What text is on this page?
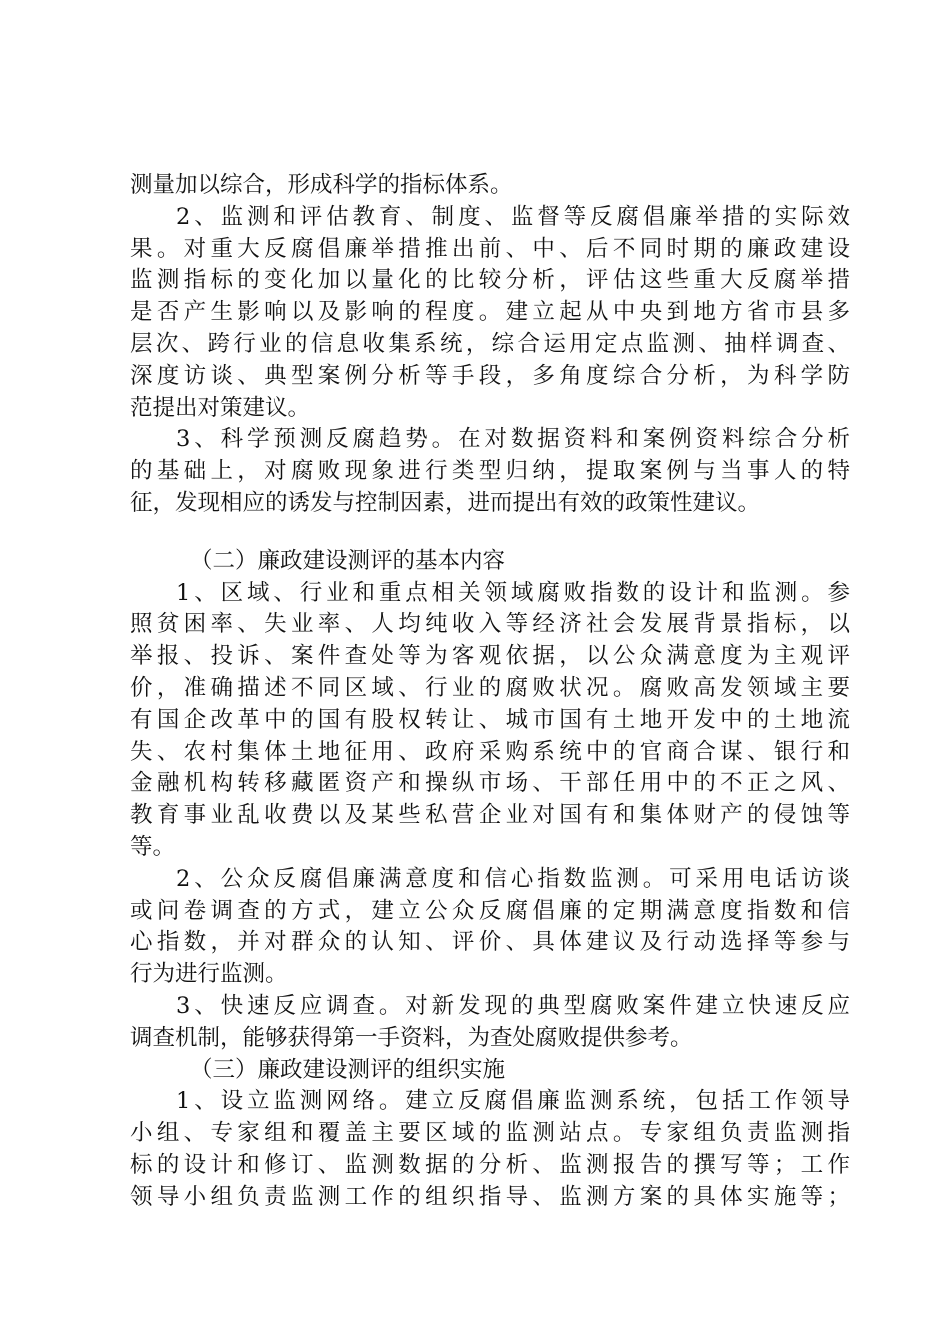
测量加以综合，形成科学的指标体系。
2、监测和评估教育、制度、监督等反腐倡廉举措的实际效
果。对重大反腐倡廉举措推出前、中、后不同时期的廉政建设
监测指标的变化加以量化的比较分析，评估这些重大反腐举措
是否产生影响以及影响的程度。建立起从中央到地方省市县多
层次、跨行业的信息收集系统，综合运用定点监测、抽样调查、
深度访谈、典型案例分析等手段，多角度综合分析，为科学防
范提出对策建议。
3、科学预测反腐趋势。在对数据资料和案例资料综合分析
的基础上，对腐败现象进行类型归纳，提取案例与当事人的特
征，发现相应的诱发与控制因素，进而提出有效的政策性建议。
（二）廉政建设测评的基本内容
1、区域、行业和重点相关领域腐败指数的设计和监测。参
照贫困率、失业率、人均纯收入等经济社会发展背景指标，以
举报、投诉、案件查处等为客观依据，以公众满意度为主观评
价，准确描述不同区域、行业的腐败状况。腐败高发领域主要
有国企改革中的国有股权转让、城市国有土地开发中的土地流
失、农村集体土地征用、政府采购系统中的官商合谋、银行和
金融机构转移藏匿资产和操纵市场、干部任用中的不正之风、
教育事业乱收费以及某些私营企业对国有和集体财产的侵蚀等
等。
2、公众反腐倡廉满意度和信心指数监测。可采用电话访谈
或问卷调查的方式，建立公众反腐倡廉的定期满意度指数和信
心指数，并对群众的认知、评价、具体建议及行动选择等参与
行为进行监测。
3、快速反应调查。对新发现的典型腐败案件建立快速反应
调查机制，能够获得第一手资料，为查处腐败提供参考。
（三）廉政建设测评的组织实施
1、设立监测网络。建立反腐倡廉监测系统，包括工作领导
小组、专家组和覆盖主要区域的监测站点。专家组负责监测指
标的设计和修订、监测数据的分析、监测报告的撰写等；工作
领导小组负责监测工作的组织指导、监测方案的具体实施等；
